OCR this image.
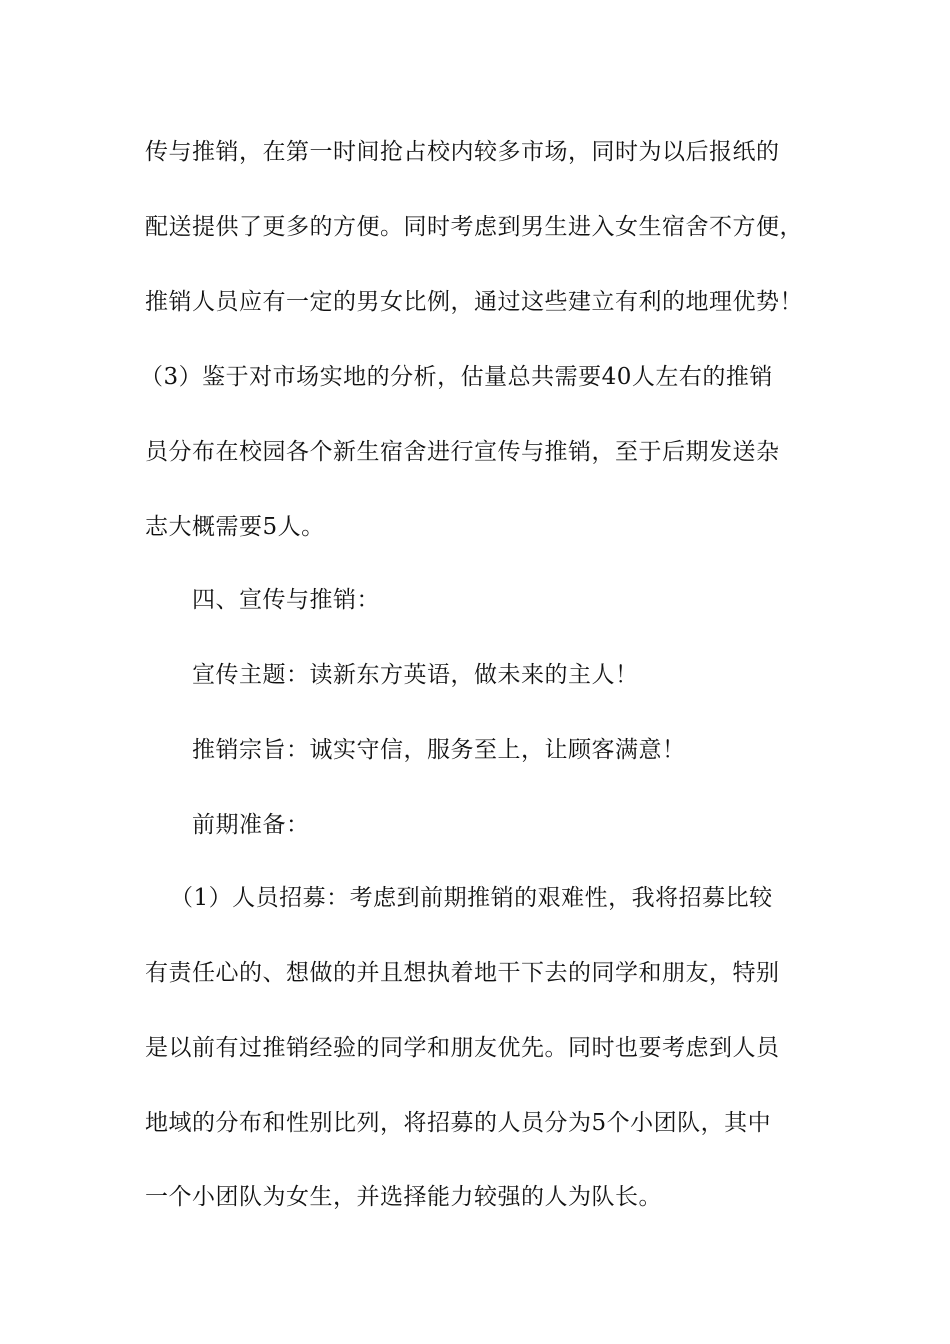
传与推销，在第一时间抢占校内较多市场，同时为以后报纸的
配送提供了更多的方便。同时考虑到男生进入女生宿舍不方便，
推销人员应有一定的男女比例，通过这些建立有利的地理优势！
（3）鉴于对市场实地的分析，估量总共需要40人左右的推销
员分布在校园各个新生宿舍进行宣传与推销，至于后期发送杂
志大概需要5人。
四、宣传与推销：
宣传主题：读新东方英语，做未来的主人！
推销宗旨：诚实守信，服务至上，让顾客满意！
前期准备：
（1）人员招募：考虑到前期推销的艰难性，我将招募比较
有责任心的、想做的并且想执着地干下去的同学和朋友，特别
是以前有过推销经验的同学和朋友优先。同时也要考虑到人员
地域的分布和性别比列，将招募的人员分为5个小团队，其中
一个小团队为女生，并选择能力较强的人为队长。
